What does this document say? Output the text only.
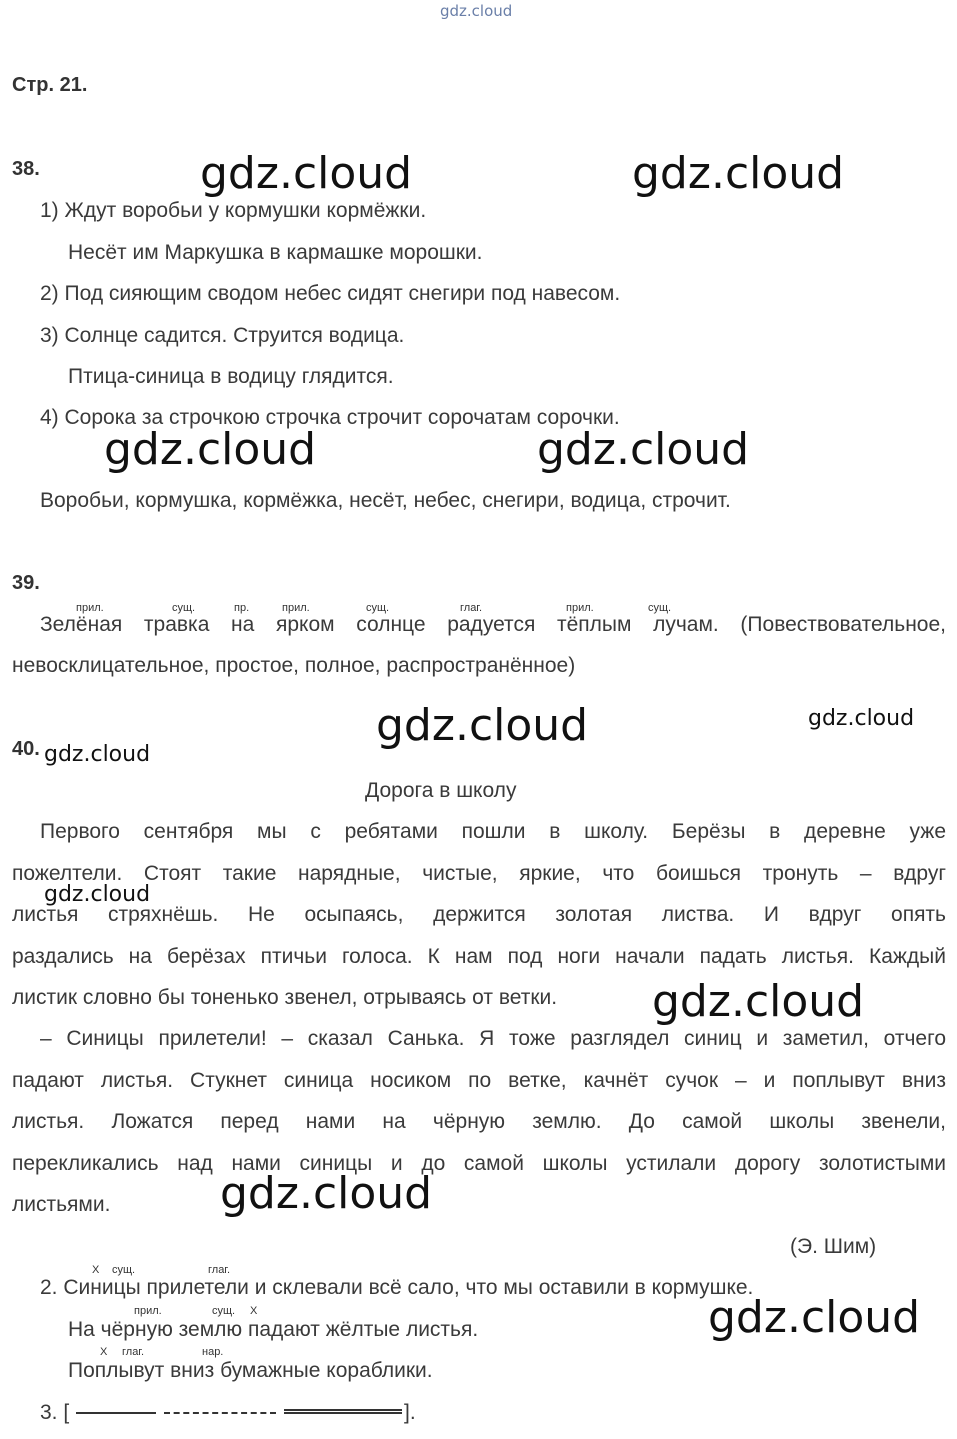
gdz.cloud
Стр. 21.
gdz.cloud	gdz.cloud
gdz.cloud	gdz.cloud
gdz.cloud	gdz.cloud
gdz.cloud
gdz.cloud
gdz.cloud
gdz.cloud
gdz.cloud
38.
1) Ждут воробьи у кормушки кормёжки.
Несёт им Маркушка в кармашке морошки.
2) Под сияющим сводом небес сидят снегири под навесом.
3) Солнце садится. Струится водица.
Птица-синица в водицу глядится.
4) Сорока за строчкою строчка строчит сорочатам сорочки.
Воробьи, кормушка, кормёжка, несёт, небес, снегири, водица, строчит.
39.
прил.	сущ.	пр.	прил.	сущ.	глаг.	прил.	сущ.
Зелёная травка на ярком солнце радуется тёплым лучам. (Повествовательное,
невосклицательное, простое, полное, распространённое)
40.
Дорога в школу
Первого сентября мы с ребятами пошли в школу. Берёзы в деревне уже
пожелтели. Стоят такие нарядные, чистые, яркие, что боишься тронуть – вдруг
листья стряхнёшь. Не осыпаясь, держится золотая листва. И вдруг опять
раздались на берёзах птичьи голоса. К нам под ноги начали падать листья. Каждый
листик словно бы тоненько звенел, отрываясь от ветки.
– Синицы прилетели! – сказал Санька. Я тоже разглядел синиц и заметил, отчего
падают листья. Стукнет синица носиком по ветке, качнёт сучок – и поплывут вниз
листья. Ложатся перед нами на чёрную землю. До самой школы звенели,
перекликались над нами синицы и до самой школы устилали дорогу золотистыми
листьями.
(Э. Шим)
Х сущ.	глаг.
2. Синицы прилетели и склевали всё сало, что мы оставили в кормушке.
прил.	сущ. Х
На чёрную землю падают жёлтые листья.
Х глаг.	нар.
Поплывут вниз бумажные кораблики.
3. [	].
